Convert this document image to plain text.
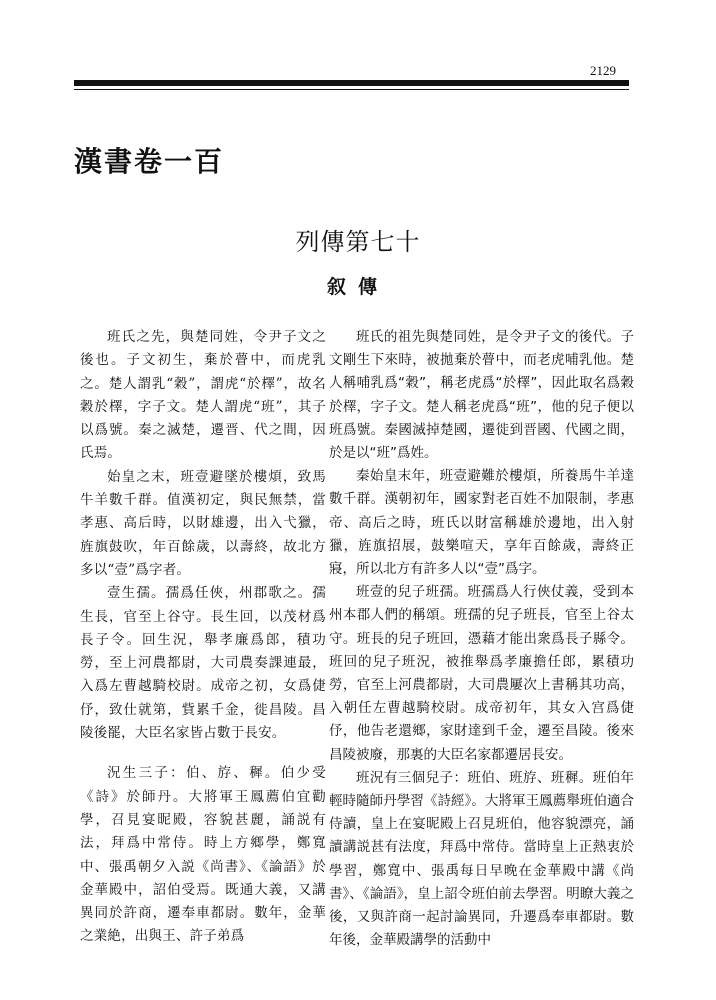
2129
漢書卷一百
列傳第七十
叙傳

班氏之先，與楚同姓，令尹子文之後也。子文初生，棄於瞢中，而虎乳之。楚人謂乳“穀”，謂虎“於檡”，故名穀於檡，字子文。楚人謂虎“班”，其子以爲號。秦之滅楚，遷晋、代之間，因氏焉。

始皇之末，班壹避墜於樓煩，致馬牛羊數千群。值漢初定，與民無禁，當孝惠、高后時，以財雄邊，出入弋獵，旌旗鼓吹，年百餘歲，以壽終，故北方多以“壹”爲字者。

壹生孺。孺爲任俠，州郡歌之。孺生長，官至上谷守。長生回，以茂材爲長子令。回生況，舉孝廉爲郎，積功勞，至上河農都尉，大司農奏課連最，入爲左曹越騎校尉。成帝之初，女爲倢伃，致仕就第，貲累千金，徙昌陵。昌陵後罷，大臣名家皆占數于長安。

況生三子：伯、斿、穉。伯少受《詩》於師丹。大將軍王鳳薦伯宜勸學，召見宴昵殿，容貌甚麗，誦説有法，拜爲中常侍。時上方鄉學，鄭寬中、張禹朝夕入説《尚書》、《論語》於金華殿中，詔伯受焉。既通大義，又講異同於許商，遷奉車都尉。數年，金華之業絶，出與王、許子弟爲

班氏的祖先與楚同姓，是令尹子文的後代。子文剛生下來時，被拋棄於瞢中，而老虎哺乳他。楚人稱哺乳爲“穀”，稱老虎爲“於檡”，因此取名爲穀於檡，字子文。楚人稱老虎爲“班”，他的兒子便以班爲號。秦國滅掉楚國，遷徙到晋國、代國之間，於是以“班”爲姓。

秦始皇末年，班壹避難於樓煩，所養馬牛羊達數千群。漢朝初年，國家對老百姓不加限制，孝惠帝、高后之時，班氏以財富稱雄於邊地，出入射獵，旌旗招展，鼓樂喧天，享年百餘歲，壽終正寢，所以北方有許多人以“壹”爲字。

班壹的兒子班孺。班孺爲人行俠仗義，受到本州本郡人們的稱頌。班孺的兒子班長，官至上谷太守。班長的兒子班回，憑藉才能出衆爲長子縣令。班回的兒子班況，被推舉爲孝廉擔任郎，累積功勞，官至上河農都尉，大司農屢次上書稱其功高，入朝任左曹越騎校尉。成帝初年，其女入宫爲倢伃，他告老還鄉，家財達到千金，遷至昌陵。後來昌陵被廢，那裏的大臣名家都遷居長安。

班況有三個兒子：班伯、班斿、班穉。班伯年輕時隨師丹學習《詩經》。大將軍王鳳薦舉班伯適合侍讀，皇上在宴昵殿上召見班伯，他容貌漂亮，誦讀講説甚有法度，拜爲中常侍。當時皇上正熱衷於學習，鄭寬中、張禹每日早晚在金華殿中講《尚書》、《論語》，皇上詔令班伯前去學習。明瞭大義之後，又與許商一起討論異同，升遷爲奉車都尉。數年後，金華殿講學的活動中
